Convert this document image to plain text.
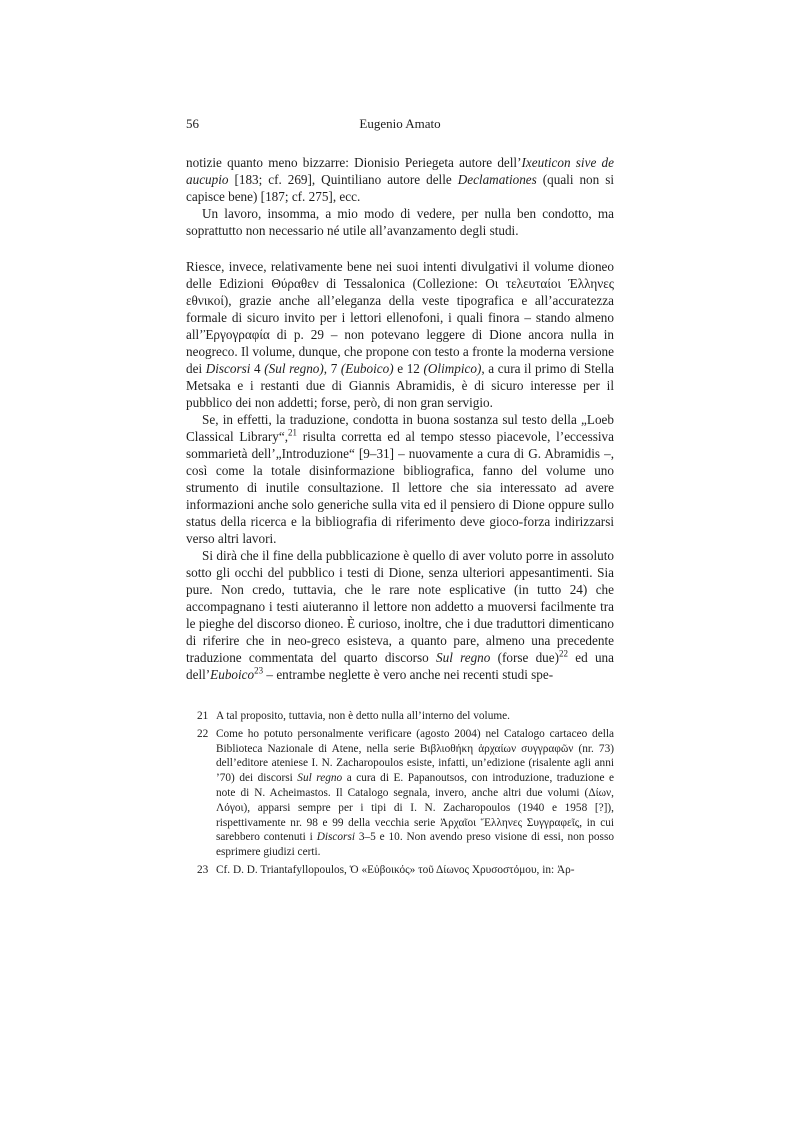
56	Eugenio Amato

notizie quanto meno bizzarre: Dionisio Periegeta autore dell’Ixeuticon sive de aucupio [183; cf. 269], Quintiliano autore delle Declamationes (quali non si capisce bene) [187; cf. 275], ecc.

Un lavoro, insomma, a mio modo di vedere, per nulla ben condotto, ma soprattutto non necessario né utile all’avanzamento degli studi.

Riesce, invece, relativamente bene nei suoi intenti divulgativi il volume dioneo delle Edizioni Θύραθεν di Tessalonica (Collezione: Οι τελευταίοι Έλληνες εθνικοί), grazie anche all’eleganza della veste tipografica e all’accuratezza formale di sicuro invito per i lettori ellenofoni, i quali finora – stando almeno all’Ἐργογραφία di p. 29 – non potevano leggere di Dione ancora nulla in neogreco. Il volume, dunque, che propone con testo a fronte la moderna versione dei Discorsi 4 (Sul regno), 7 (Euboico) e 12 (Olimpico), a cura il primo di Stella Metsaka e i restanti due di Giannis Abramidis, è di sicuro interesse per il pubblico dei non addetti; forse, però, di non gran servigio.

Se, in effetti, la traduzione, condotta in buona sostanza sul testo della „Loeb Classical Library“,$^{21}$ risulta corretta ed al tempo stesso piacevole, l’eccessiva sommarietà dell’„Introduzione“ [9–31] – nuovamente a cura di G. Abramidis –, così come la totale disinformazione bibliografica, fanno del volume uno strumento di inutile consultazione. Il lettore che sia interessato ad avere informazioni anche solo generiche sulla vita ed il pensiero di Dione oppure sullo status della ricerca e la bibliografia di riferimento deve gioco-forza indirizzarsi verso altri lavori.

Si dirà che il fine della pubblicazione è quello di aver voluto porre in assoluto sotto gli occhi del pubblico i testi di Dione, senza ulteriori appesantimenti. Sia pure. Non credo, tuttavia, che le rare note esplicative (in tutto 24) che accompagnano i testi aiuteranno il lettore non addetto a muoversi facilmente tra le pieghe del discorso dioneo. È curioso, inoltre, che i due traduttori dimenticano di riferire che in neo-greco esisteva, a quanto pare, almeno una precedente traduzione commentata del quarto discorso Sul regno (forse due)$^{22}$ ed una dell’Euboico$^{23}$ – entrambe neglette è vero anche nei recenti studi spe-

21 A tal proposito, tuttavia, non è detto nulla all’interno del volume.
22 Come ho potuto personalmente verificare (agosto 2004) nel Catalogo cartaceo della Biblioteca Nazionale di Atene, nella serie Βιβλιοθήκη ἀρχαίων συγγραφῶν (nr. 73) dell’editore ateniese I. N. Zacharopoulos esiste, infatti, un’edizione (risalente agli anni ’70) dei discorsi Sul regno a cura di E. Papanoutsos, con introduzione, traduzione e note di N. Acheimastos. Il Catalogo segnala, invero, anche altri due volumi (Δίων, Λόγοι), apparsi sempre per i tipi di I. N. Zacharopoulos (1940 e 1958 [?]), rispettivamente nr. 98 e 99 della vecchia serie Ἀρχαῖοι Ἕλληνες Συγγραφεῖς, in cui sarebbero contenuti i Discorsi 3–5 e 10. Non avendo preso visione di essi, non posso esprimere giudizi certi.
23 Cf. D. D. Triantafyllopoulos, Ὁ «Εὐβοικός» τοῦ Δίωνος Χρυσοστόμου, in: Ἀρ-
